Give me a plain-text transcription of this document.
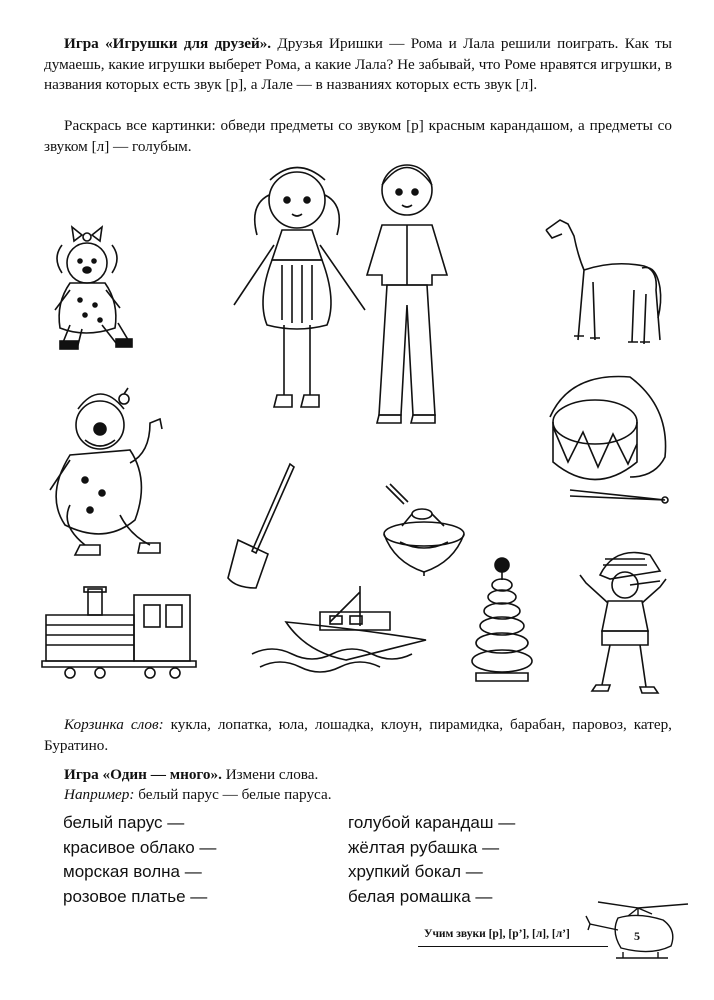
Игра «Игрушки для друзей». Друзья Иришки — Рома и Лала решили поиграть. Как ты думаешь, какие игрушки выберет Рома, а какие Лала? Не забывай, что Роме нравятся игрушки, в названия которых есть звук [р], а Лале — в названиях которых есть звук [л].
Раскрась все картинки: обведи предметы со звуком [р] красным карандашом, а предметы со звуком [л] — голубым.
Корзинка слов: кукла, лопатка, юла, лошадка, клоун, пирамидка, барабан, паровоз, катер, Буратино.
Игра «Один — много». Измени слова.
Например: белый парус — белые паруса.
белый парус —
красивое облако —
морская волна —
розовое платье —
голубой карандаш —
жёлтая рубашка —
хрупкий бокал —
белая ромашка —
Учим звуки [р], [р’], [л], [л’]	5
